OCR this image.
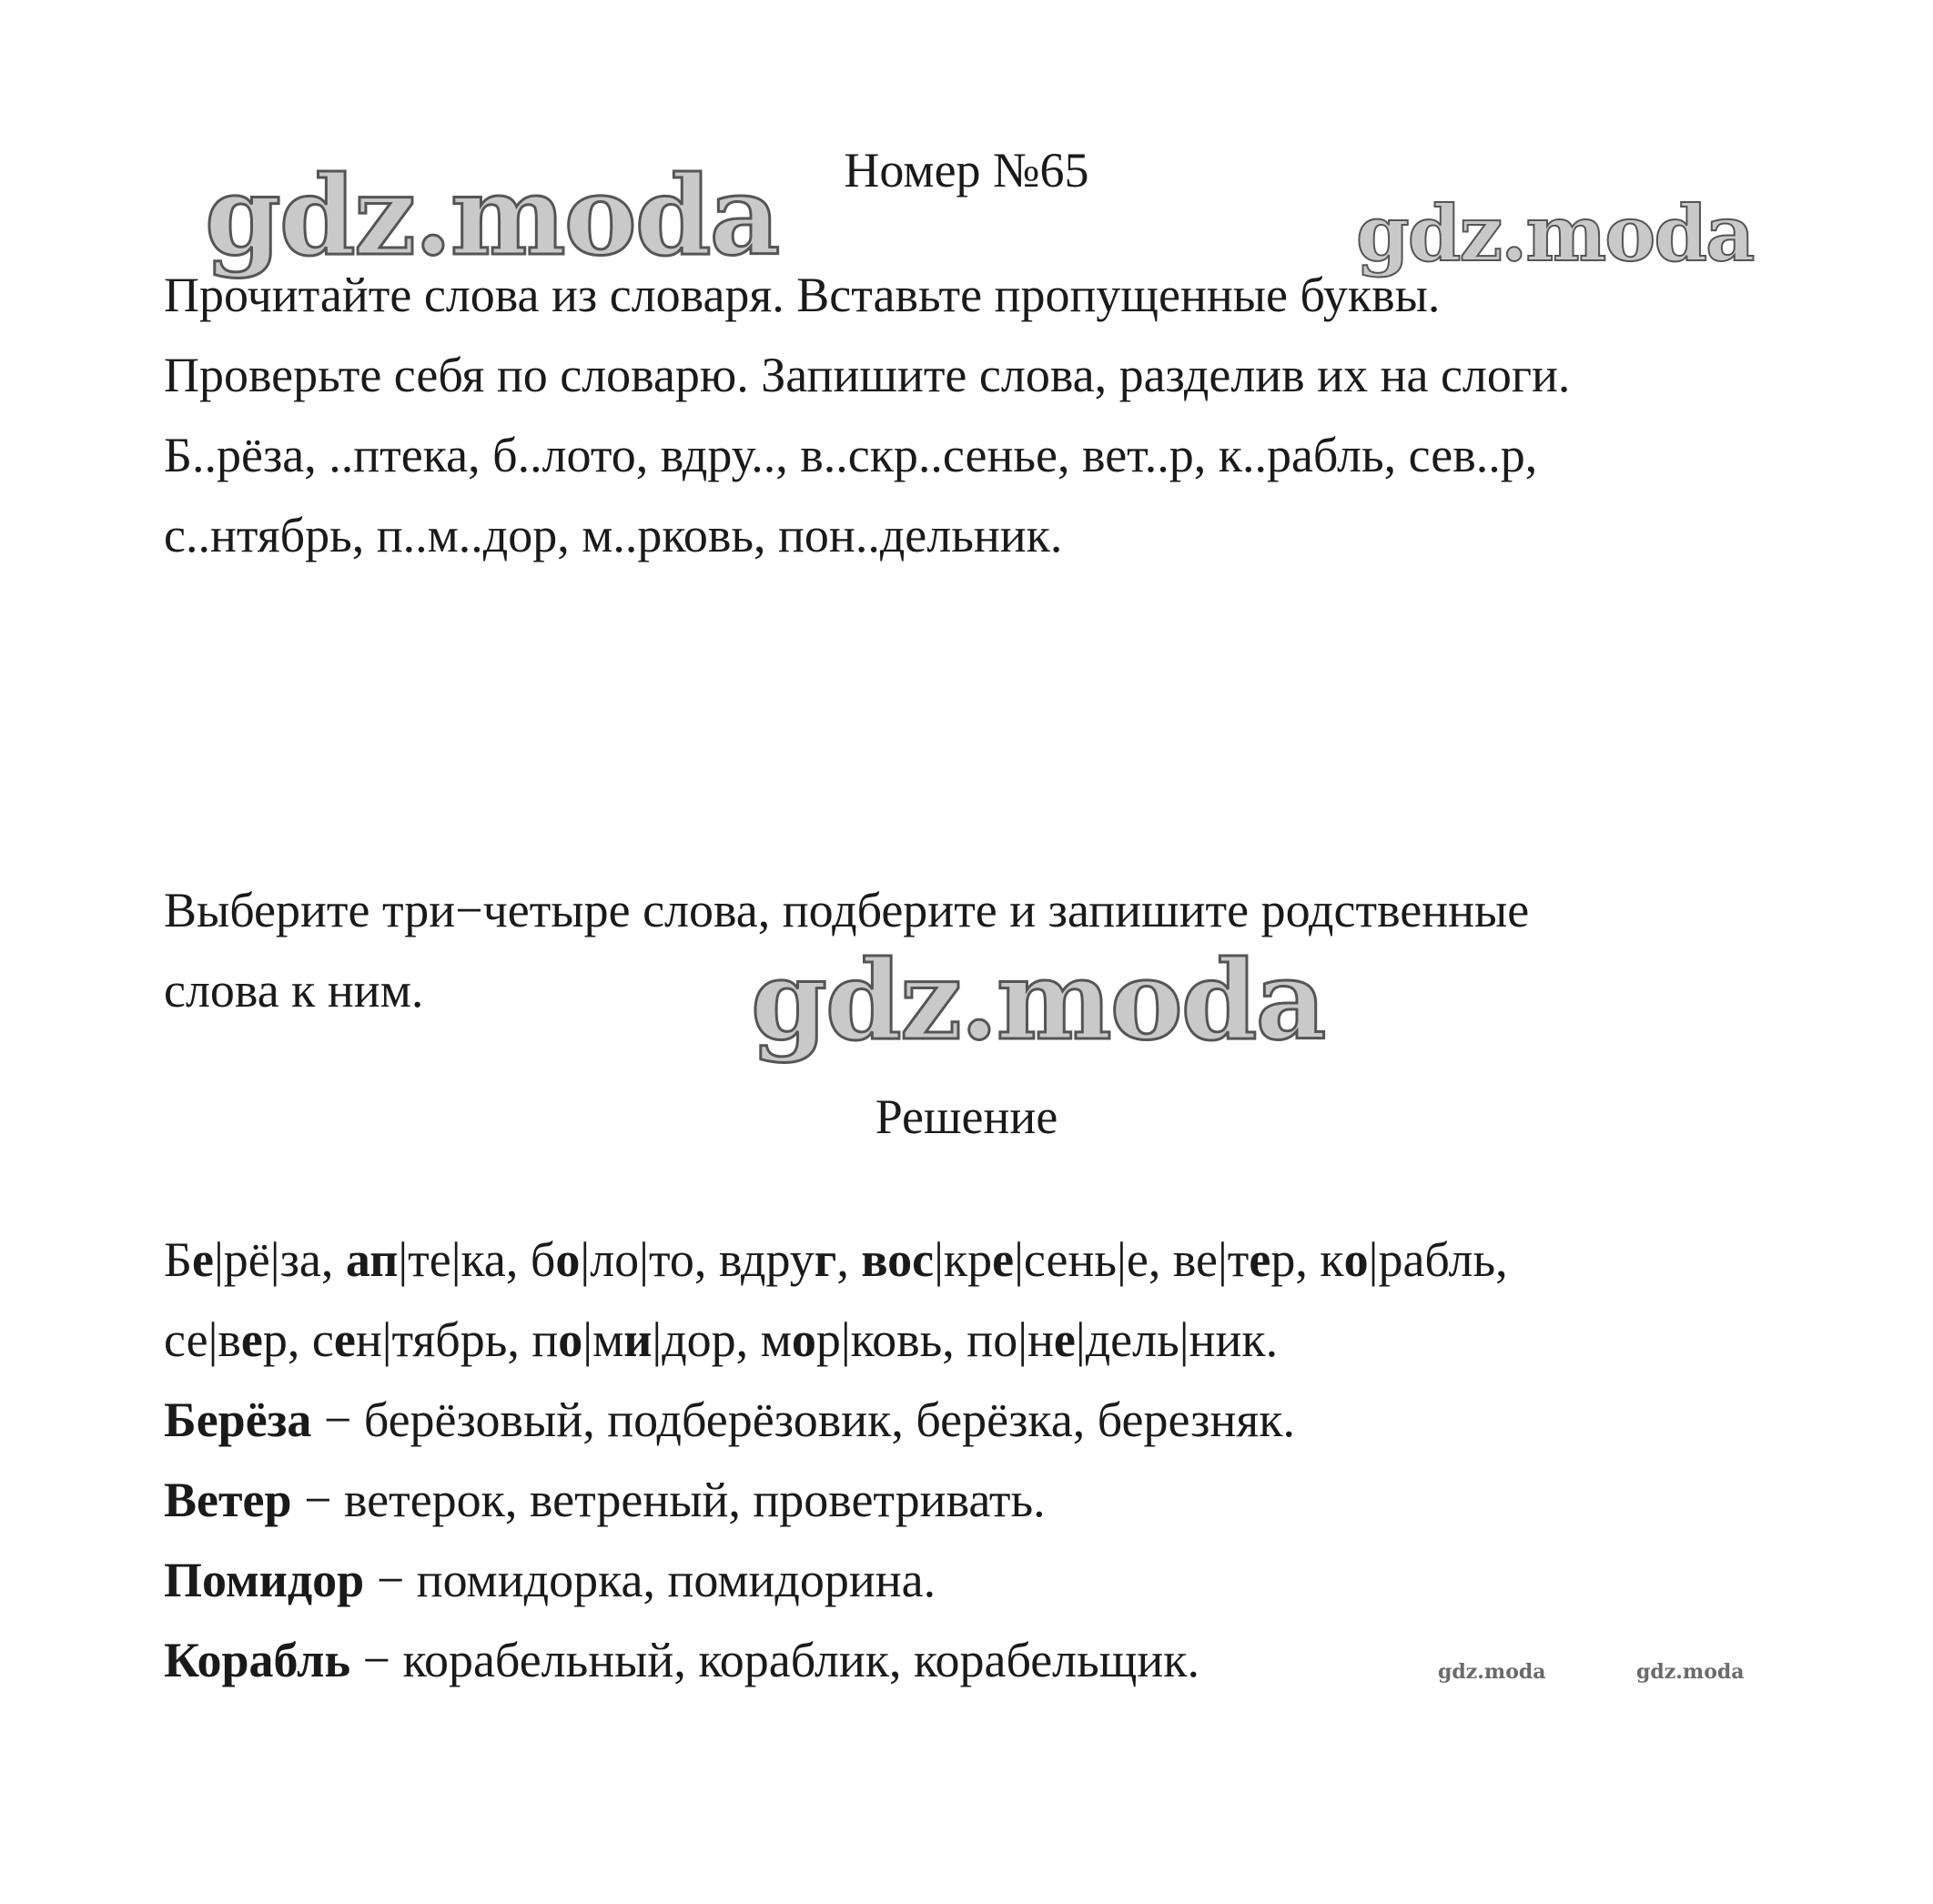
gdz.moda	gdz.moda
gdz.moda
gdz.moda	gdz.moda
Номер №65
Прочитайте слова из словаря. Вставьте пропущенные буквы.
Проверьте себя по словарю. Запишите слова, разделив их на слоги.
Б..рёза, ..птека, б..лото, вдру.., в..скр..сенье, вет..р, к..рабль, сев..р,
с..нтябрь, п..м..дор, м..рковь, пон..дельник.
Выберите три−четыре слова, подберите и запишите родственные
слова к ним.
Решение
Бе|рё|за, ап|те|ка, бо|ло|то, вдруг, вос|кре|сень|е, ве|тер, ко|рабль,
се|вер, сен|тябрь, по|ми|дор, мор|ковь, по|не|дель|ник.
Берёза − берёзовый, подберёзовик, берёзка, березняк.
Ветер − ветерок, ветреный, проветривать.
Помидор − помидорка, помидорина.
Корабль − корабельный, кораблик, корабельщик.
